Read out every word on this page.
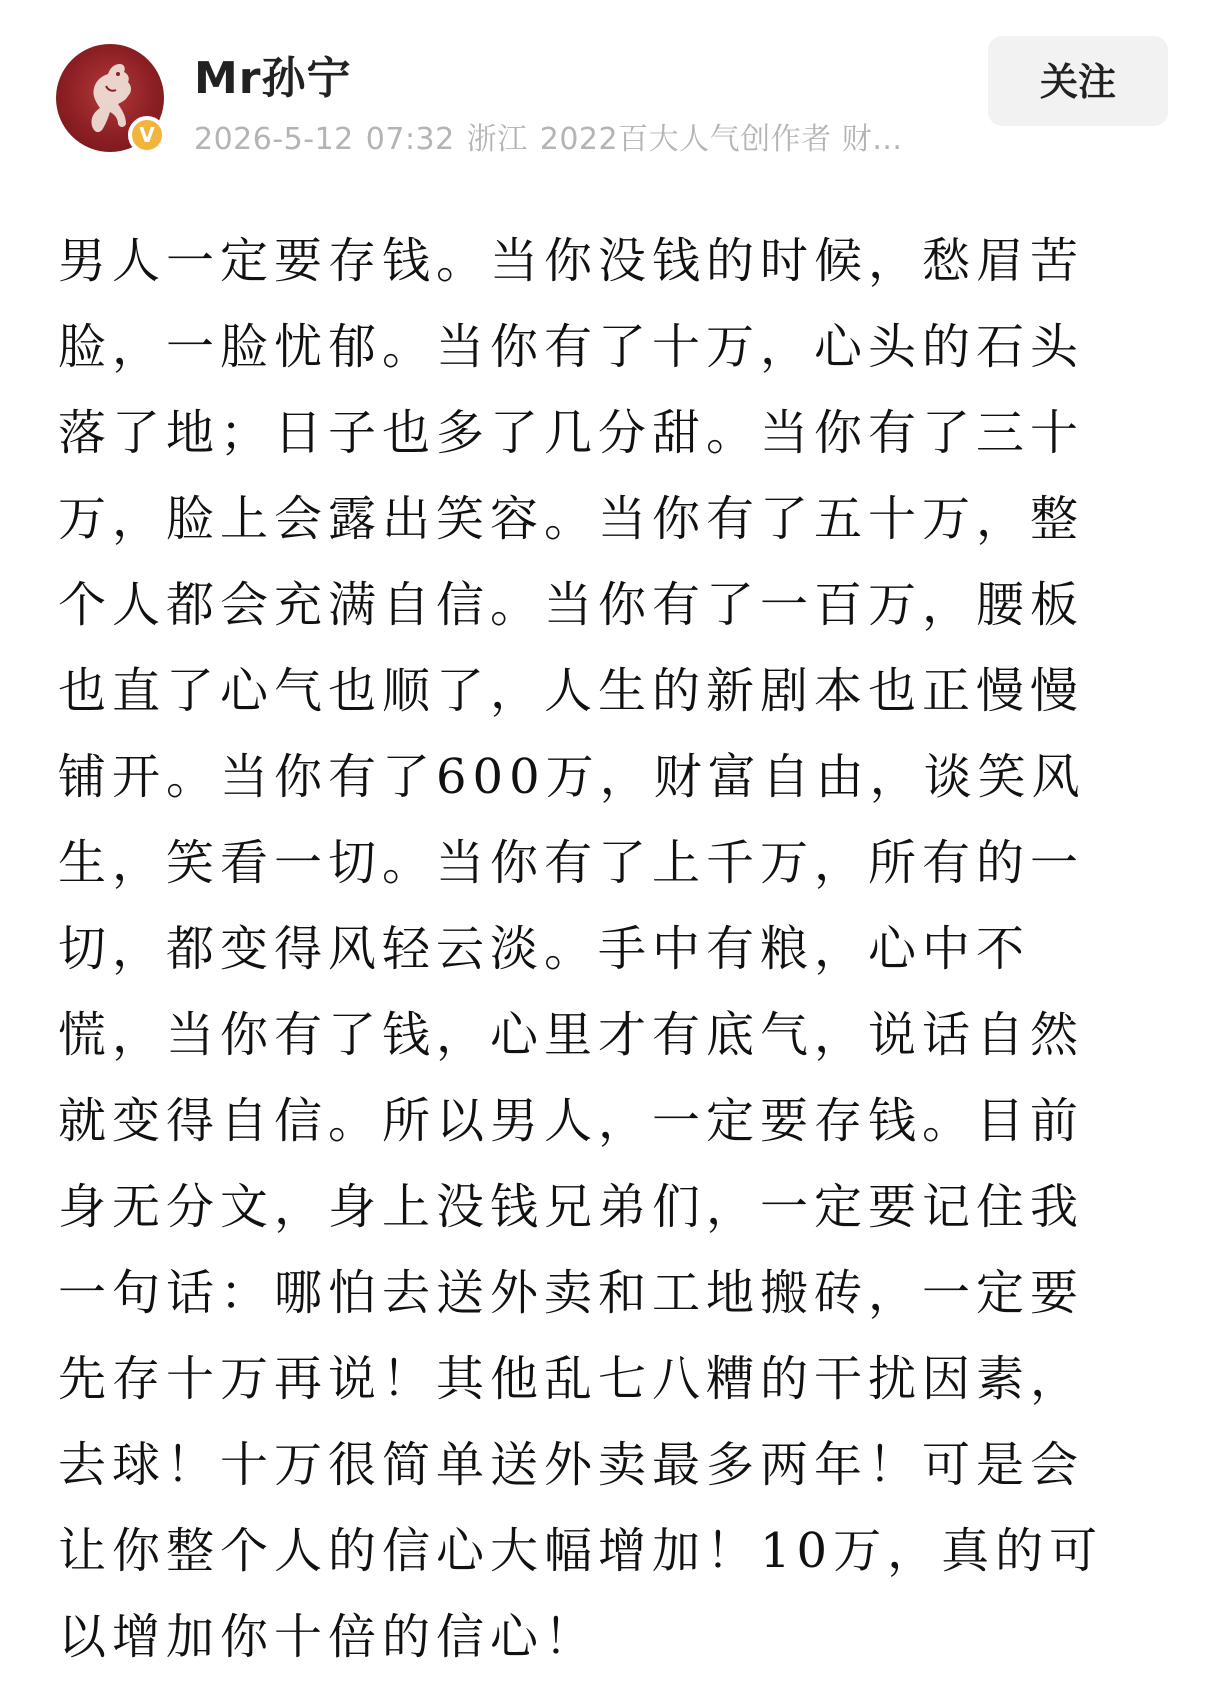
V
Mr孙宁
2026-5-12 07:32 浙江 2022百大人气创作者 财…
关注
男人一定要存钱。当你没钱的时候，愁眉苦
脸，一脸忧郁。当你有了十万，心头的石头
落了地；日子也多了几分甜。当你有了三十
万，脸上会露出笑容。当你有了五十万，整
个人都会充满自信。当你有了一百万，腰板
也直了心气也顺了，人生的新剧本也正慢慢
铺开。当你有了600万，财富自由，谈笑风
生，笑看一切。当你有了上千万，所有的一
切，都变得风轻云淡。手中有粮，心中不
慌，当你有了钱，心里才有底气，说话自然
就变得自信。所以男人，一定要存钱。目前
身无分文，身上没钱兄弟们，一定要记住我
一句话：哪怕去送外卖和工地搬砖，一定要
先存十万再说！其他乱七八糟的干扰因素，
去球！十万很简单送外卖最多两年！可是会
让你整个人的信心大幅增加！10万，真的可
以增加你十倍的信心！
